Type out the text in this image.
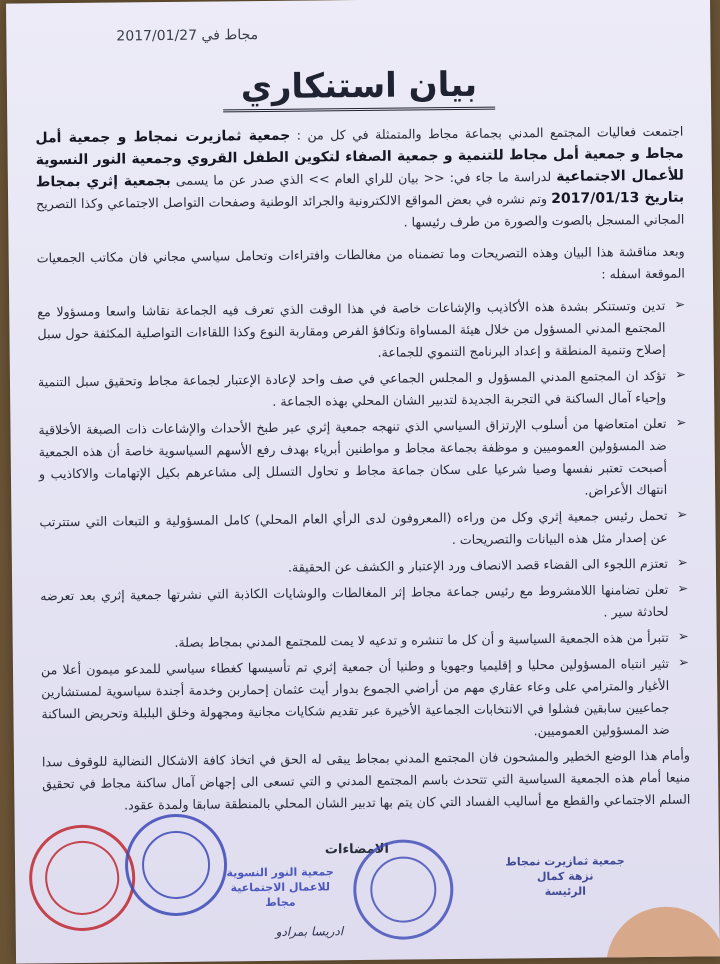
مجاط في 2017/01/27
بيان استنكاري

اجتمعت فعاليات المجتمع المدني بجماعة مجاط والمتمثلة في كل من : جمعية ثمازيرت نمجاط و جمعية أمل مجاط و جمعية أمل مجاط للتنمية و جمعية الصفاء لتكوين الطفل القروي وجمعية النور النسوية للأعمال الاجتماعية لدراسة ما جاء في: << بيان للراي العام >> الذي صدر عن ما يسمى بجمعية إثري بمجاط بتاريخ 2017/01/13 وتم نشره في بعض المواقع الالكترونية والجرائد الوطنية وصفحات التواصل الاجتماعي وكذا التصريح المجاني المسجل بالصوت والصورة من طرف رئيسها .

وبعد مناقشة هذا البيان وهذه التصريحات وما تضمناه من مغالطات وافتراءات وتحامل سياسي مجاني فان مكاتب الجمعيات الموقعة اسفله :

➢
تدين وتستنكر بشدة هذه الأكاذيب والإشاعات خاصة في هذا الوقت الذي تعرف فيه الجماعة نقاشا واسعا ومسؤولا مع المجتمع المدني المسؤول من خلال هيئة المساواة وتكافؤ الفرص ومقاربة النوع وكذا اللقاءات التواصلية المكثفة حول سبل إصلاح وتنمية المنطقة و إعداد البرنامج التنموي للجماعة.
➢
تؤكد ان المجتمع المدني المسؤول و المجلس الجماعي في صف واحد لإعادة الإعتبار لجماعة مجاط وتحقيق سبل التنمية وإحياء آمال الساكنة في التجربة الجديدة لتدبير الشان المحلي بهذه الجماعة .
➢
تعلن امتعاضها من أسلوب الإرتزاق السياسي الذي تنهجه جمعية إثري عبر طبخ الأحداث والإشاعات ذات الصبغة الأخلاقية ضد المسؤولين العموميين و موظفة بجماعة مجاط و مواطنين أبرياء بهدف رفع الأسهم السياسوية خاصة أن هذه الجمعية أصبحت تعتبر نفسها وصيا شرعيا على سكان جماعة مجاط و تحاول التسلل إلى مشاعرهم بكيل الإتهامات والاكاذيب و انتهاك الأعراض.
➢
تحمل رئيس جمعية إثري وكل من وراءه (المعروفون لدى الرأي العام المحلي) كامل المسؤولية و التبعات التي ستترتب عن إصدار مثل هذه البيانات والتصريحات .
➢
تعتزم اللجوء الى القضاء قصد الانصاف ورد الإعتبار و الكشف عن الحقيقة.
➢
تعلن تضامنها اللامشروط مع رئيس جماعة مجاط إثر المغالطات والوشايات الكاذبة التي نشرتها جمعية إثري بعد تعرضه لحادثة سير .
➢
تتبرأ من هذه الجمعية السياسية و أن كل ما تنشره و تدعيه لا يمت للمجتمع المدني بمجاط بصلة.
➢
تثير انتباه المسؤولين محليا و إقليميا وجهويا و وطنيا أن جمعية إثري تم تأسيسها كغطاء سياسي للمدعو ميمون أعلا من الأغيار والمترامي على وعاء عقاري مهم من أراضي الجموع بدوار أيت عثمان إحماربن وخدمة أجندة سياسوية لمستشارين جماعيين سابقين فشلوا في الانتخابات الجماعية الأخيرة عبر تقديم شكايات مجانية ومجهولة وخلق البلبلة وتحريض الساكنة ضد المسؤولين العموميين.

وأمام هذا الوضع الخطير والمشحون فان المجتمع المدني بمجاط يبقى له الحق في اتخاذ كافة الاشكال النضالية للوقوف سدا منيعا أمام هذه الجمعية السياسية التي تتحدث باسم المجتمع المدني و التي تسعى الى إجهاض آمال ساكنة مجاط في تحقيق السلم الاجتماعي والقطع مع أساليب الفساد التي كان يتم بها تدبير الشان المحلي بالمنطقة سابقا ولمدة عقود.

الامضاءات
جمعية النور النسوية
للاعمال الاجتماعية
مجاط
جمعية ثمازيرت نمجاط
نزهة كمال
الرئيسة
ادريسا بمرادو
